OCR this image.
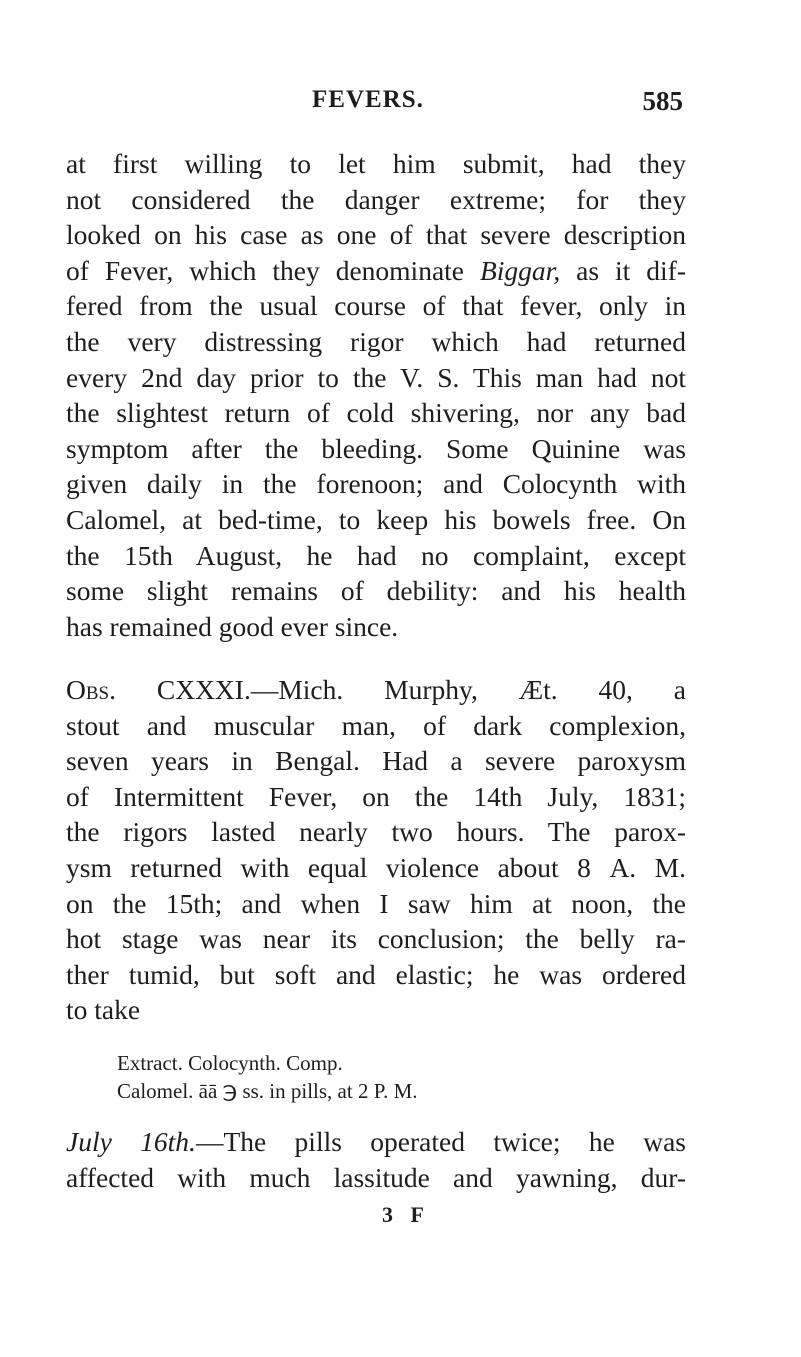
FEVERS.	585
at first willing to let him submit, had they
not considered the danger extreme; for they
looked on his case as one of that severe description
of Fever, which they denominate Biggar, as it dif-
fered from the usual course of that fever, only in
the very distressing rigor which had returned
every 2nd day prior to the V. S. This man had not
the slightest return of cold shivering, nor any bad
symptom after the bleeding. Some Quinine was
given daily in the forenoon; and Colocynth with
Calomel, at bed-time, to keep his bowels free. On
the 15th August, he had no complaint, except
some slight remains of debility: and his health
has remained good ever since.
Obs. CXXXI.—Mich. Murphy, Æt. 40, a
stout and muscular man, of dark complexion,
seven years in Bengal. Had a severe paroxysm
of Intermittent Fever, on the 14th July, 1831;
the rigors lasted nearly two hours. The parox-
ysm returned with equal violence about 8 A. M.
on the 15th; and when I saw him at noon, the
hot stage was near its conclusion; the belly ra-
ther tumid, but soft and elastic; he was ordered
to take
Extract. Colocynth. Comp.
Calomel. āā ℈ ss. in pills, at 2 P. M.
July 16th.—The pills operated twice; he was
affected with much lassitude and yawning, dur-
3 F
